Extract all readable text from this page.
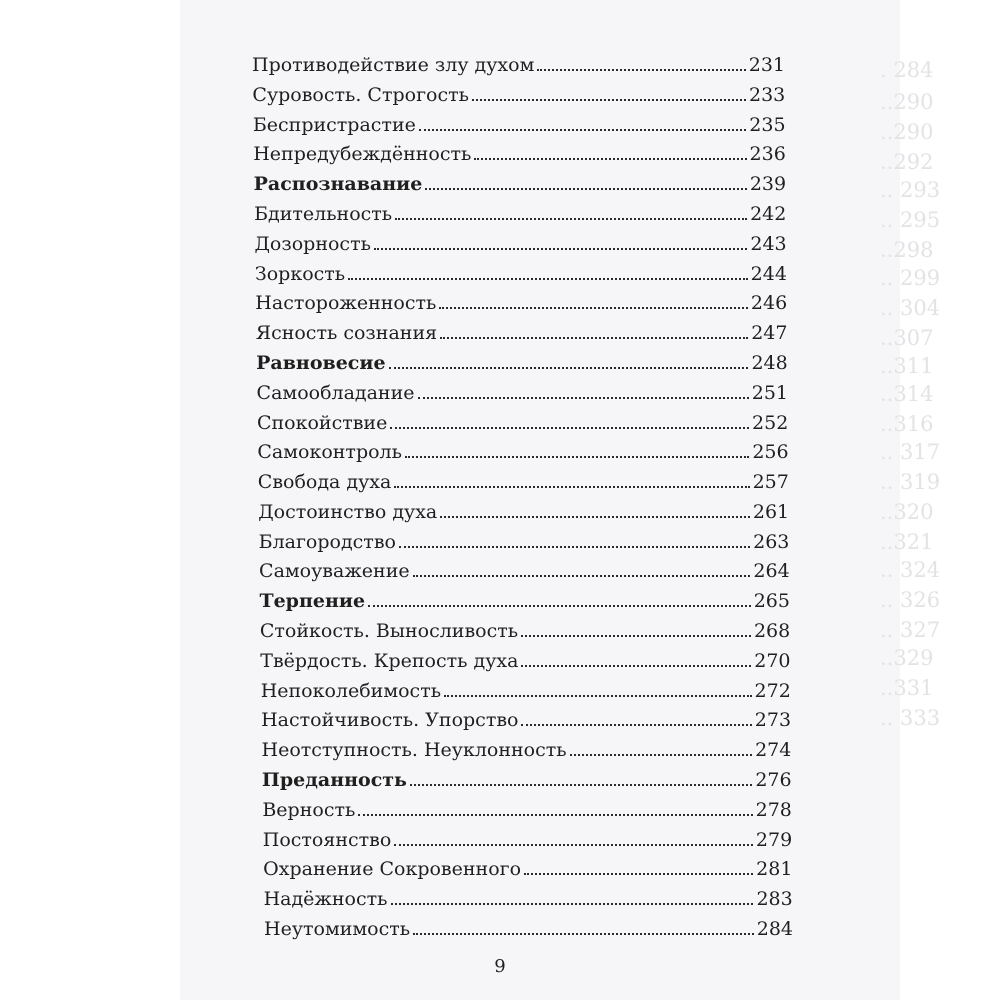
. 284
..290
..290
..292
.. 293
.. 295
..298
.. 299
.. 304
..307
..311
..314
..316
.. 317
.. 319
..320
..321
.. 324
.. 326
.. 327
..329
..331
.. 333
Противодействие злу духом	231
Суровость. Строгость	233
Беспристрастие	235
Непредубеждённость	236
Распознавание	239
Бдительность	242
Дозорность	243
Зоркость	244
Настороженность	246
Ясность сознания	247
Равновесие	248
Самообладание	251
Спокойствие	252
Самоконтроль	256
Свобода духа	257
Достоинство духа	261
Благородство	263
Самоуважение	264
Терпение	265
Стойкость. Выносливость	268
Твёрдость. Крепость духа	270
Непоколебимость	272
Настойчивость. Упорство	273
Неотступность. Неуклонность	274
Преданность	276
Верность	278
Постоянство	279
Охранение Сокровенного	281
Надёжность	283
Неутомимость	284
9
